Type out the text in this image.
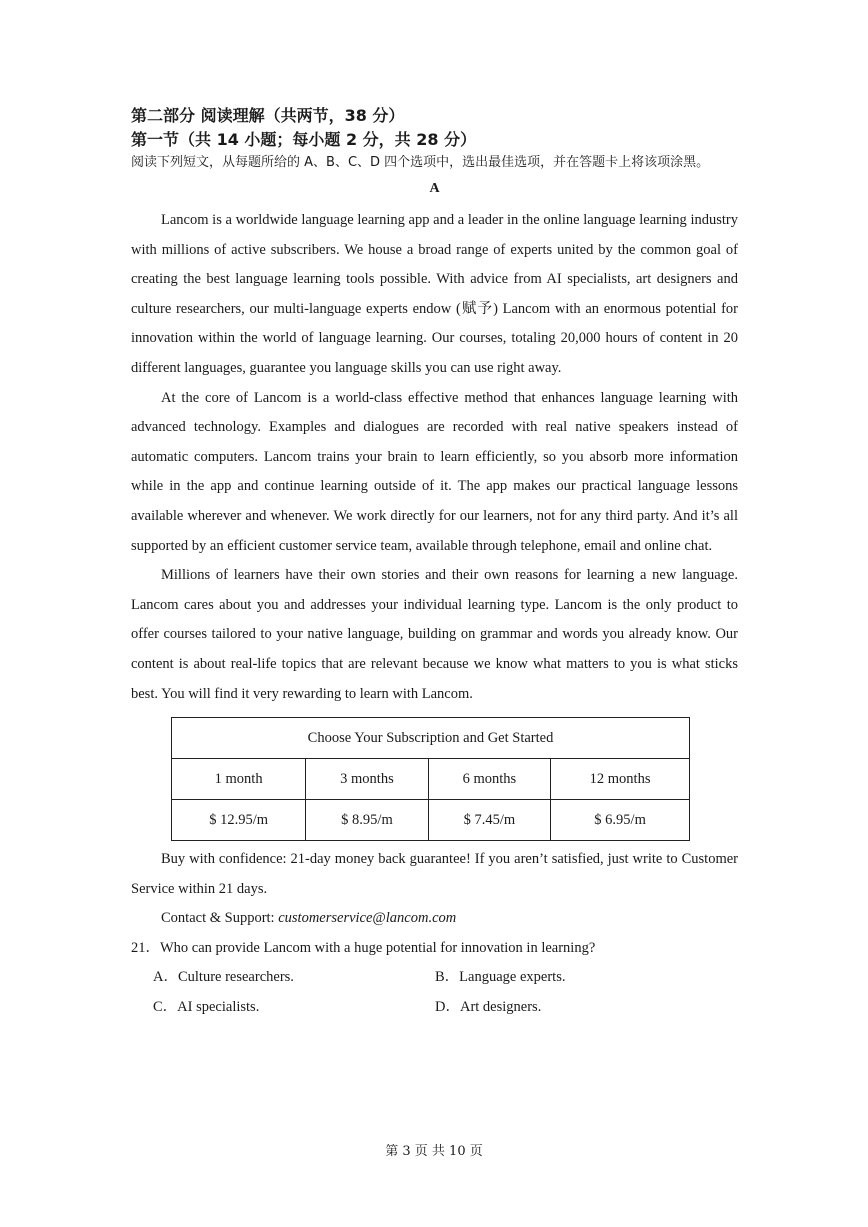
第二部分 阅读理解（共两节，38 分）

第一节（共 14 小题；每小题 2 分，共 28 分）

阅读下列短文，从每题所给的 A、B、C、D 四个选项中，选出最佳选项，并在答题卡上将该项涂黑。

A

Lancom is a worldwide language learning app and a leader in the online language learning industry with millions of active subscribers. We house a broad range of experts united by the common goal of creating the best language learning tools possible. With advice from AI specialists, art designers and culture researchers, our multi-language experts endow (赋予) Lancom with an enormous potential for innovation within the world of language learning. Our courses, totaling 20,000 hours of content in 20 different languages, guarantee you language skills you can use right away.

At the core of Lancom is a world-class effective method that enhances language learning with advanced technology. Examples and dialogues are recorded with real native speakers instead of automatic computers. Lancom trains your brain to learn efficiently, so you absorb more information while in the app and continue learning outside of it. The app makes our practical language lessons available wherever and whenever. We work directly for our learners, not for any third party. And it’s all supported by an efficient customer service team, available through telephone, email and online chat.

Millions of learners have their own stories and their own reasons for learning a new language. Lancom cares about you and addresses your individual learning type. Lancom is the only product to offer courses tailored to your native language, building on grammar and words you already know. Our content is about real-life topics that are relevant because we know what matters to you is what sticks best. You will find it very rewarding to learn with Lancom.

Choose Your Subscription and Get Started			
1 month	3 months	6 months	12 months
$ 12.95/m	$ 8.95/m	$ 7.45/m	$ 6.95/m

Buy with confidence: 21-day money back guarantee! If you aren’t satisfied, just write to Customer Service within 21 days.

Contact & Support: customerservice@lancom.com

21．Who can provide Lancom with a huge potential for innovation in learning?

A．Culture researchers.	B．Language experts.
C．AI specialists.	D．Art designers.
第 3 页 共 10 页
